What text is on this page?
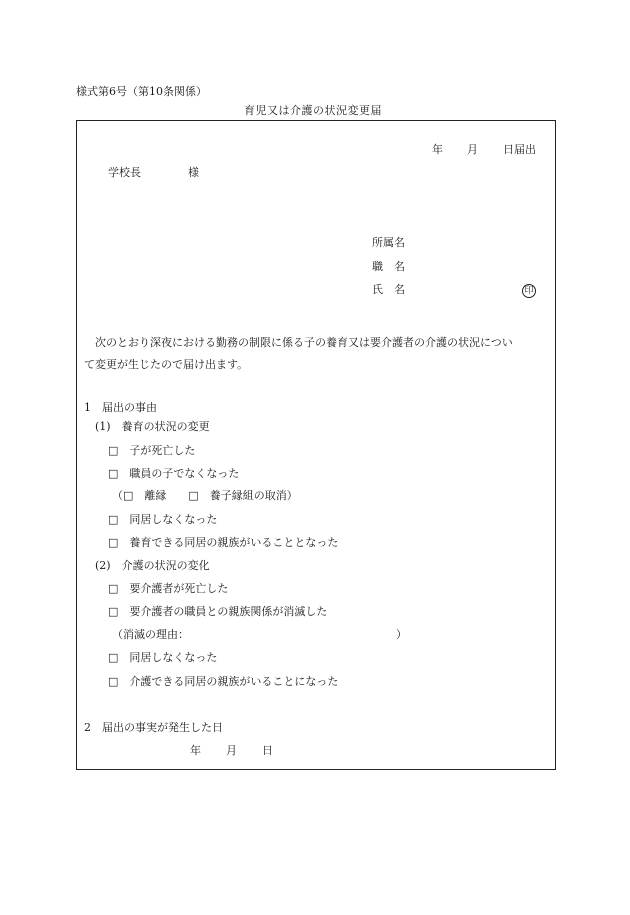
様式第6号（第10条関係）
育児又は介護の状況変更届
年 月 日届出
学校長	様
所属名
職　名
氏　名	印
　次のとおり深夜における勤務の制限に係る子の養育又は要介護者の介護の状況につい
て変更が生じたので届け出ます。
1　届出の事由
(1)　養育の状況の変更
□　子が死亡した
□　職員の子でなくなった
（□　離縁　　□　養子縁組の取消）
□　同居しなくなった
□　養育できる同居の親族がいることとなった
(2)　介護の状況の変化
□　要介護者が死亡した
□　要介護者の職員との親族関係が消滅した
（消滅の理由：	）
□　同居しなくなった
□　介護できる同居の親族がいることになった
2　届出の事実が発生した日
年 月 日
